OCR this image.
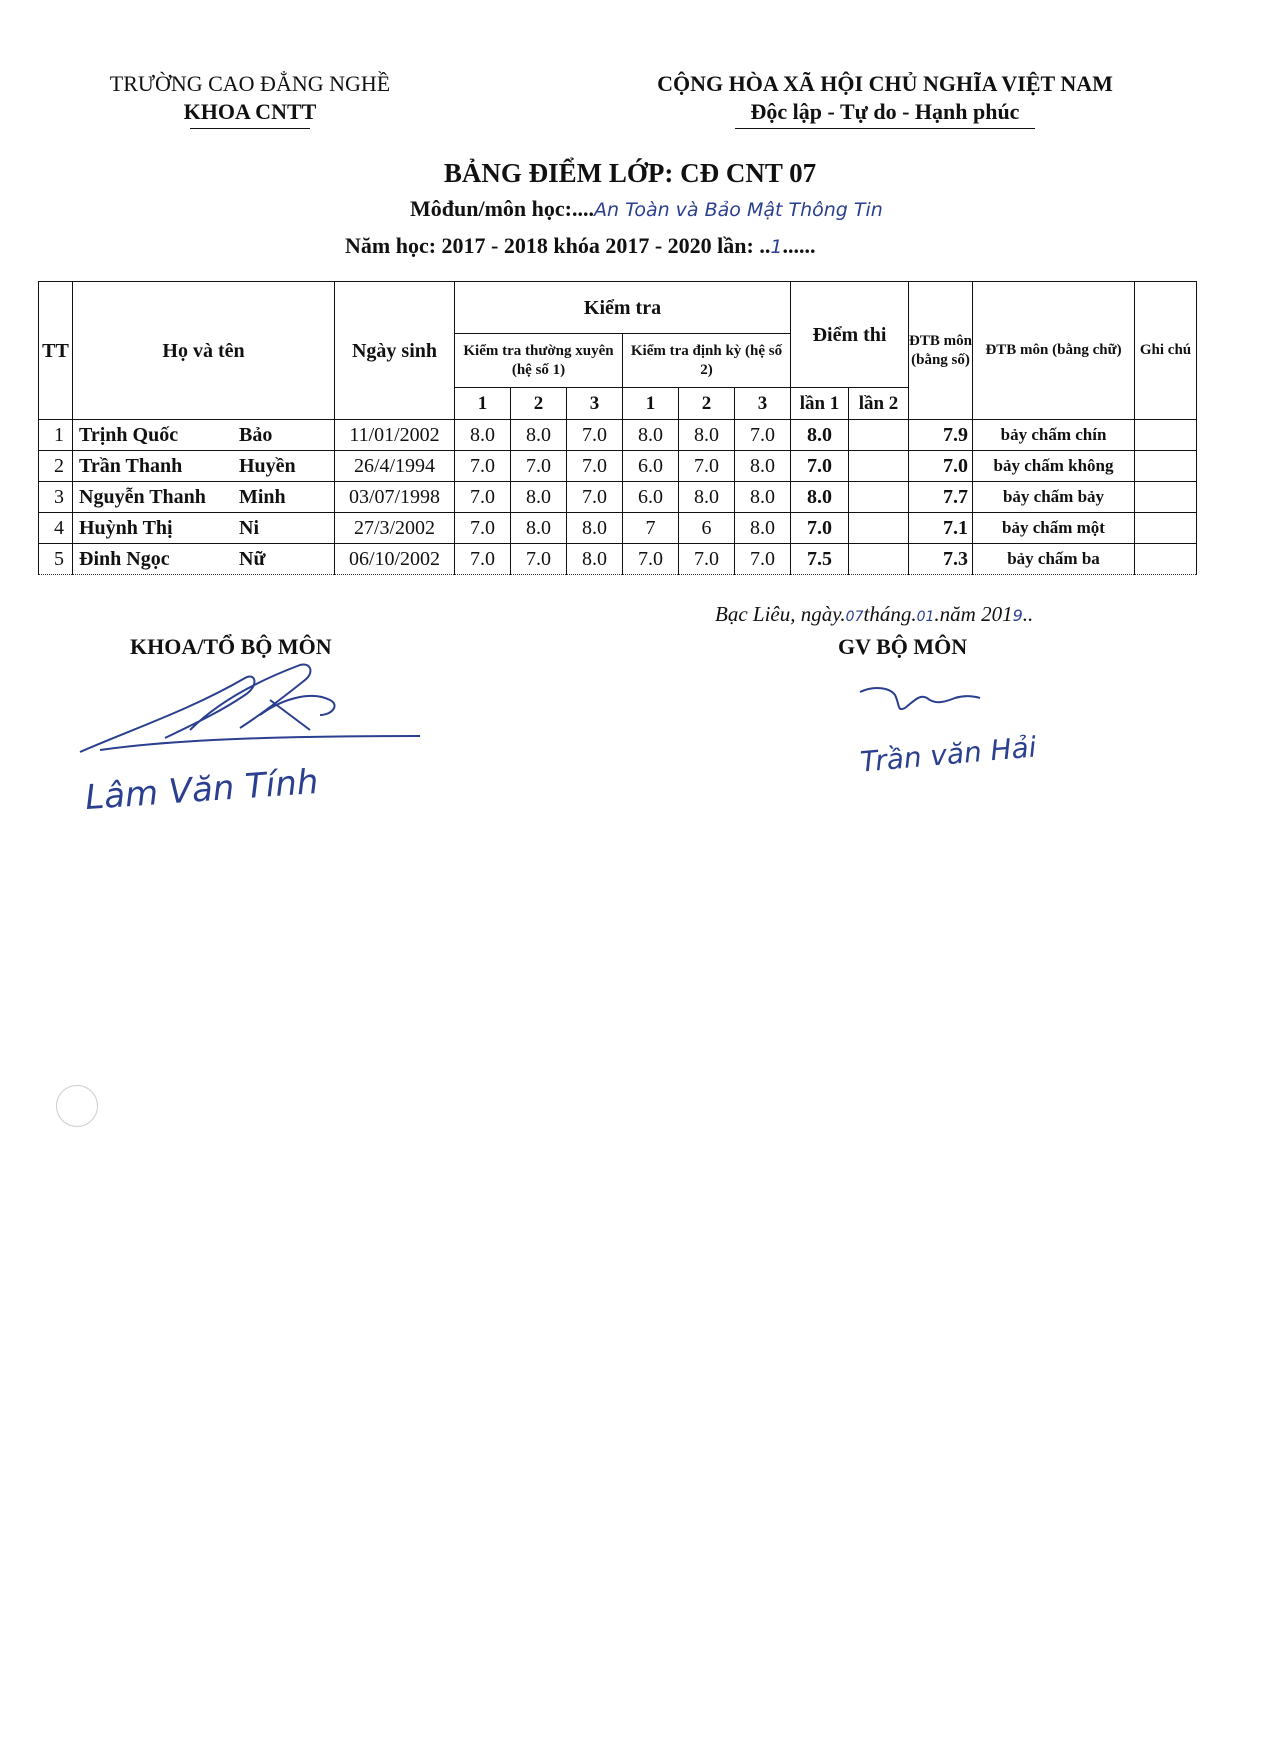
TRƯỜNG CAO ĐẲNG NGHỀ
KHOA CNTT
CỘNG HÒA XÃ HỘI CHỦ NGHĨA VIỆT NAM
Độc lập - Tự do - Hạnh phúc
BẢNG ĐIỂM LỚP: CĐ CNT 07
Môđun/môn học:....An Toàn và Bảo Mật Thông Tin
Năm học: 2017 - 2018 khóa 2017 - 2020 lần: ..1......
TT	Họ và tên	Ngày sinh	Kiểm tra						Điểm thi		ĐTB môn (bằng số)	ĐTB môn (bằng chữ)	Ghi chú
			Kiểm tra thường xuyên (hệ số 1)			Kiểm tra định kỳ (hệ số 2)							
			1	2	3	1	2	3	lần 1	lần 2			
1	Trịnh Quốc Bảo	11/01/2002	8.0	8.0	7.0	8.0	8.0	7.0	8.0		7.9	bảy chấm chín	
2	Trần Thanh Huyền	26/4/1994	7.0	7.0	7.0	6.0	7.0	8.0	7.0		7.0	bảy chấm không	
3	Nguyễn Thanh Minh	03/07/1998	7.0	8.0	7.0	6.0	8.0	8.0	8.0		7.7	bảy chấm bảy	
4	Huỳnh Thị Ni	27/3/2002	7.0	8.0	8.0	7	6	8.0	7.0		7.1	bảy chấm một	
5	Đinh Ngọc Nữ	06/10/2002	7.0	7.0	8.0	7.0	7.0	7.0	7.5		7.3	bảy chấm ba	
Bạc Liêu, ngày.07tháng.01.năm 2019..
KHOA/TỔ BỘ MÔN	GV BỘ MÔN
Lâm Văn Tính
Trần văn Hải
